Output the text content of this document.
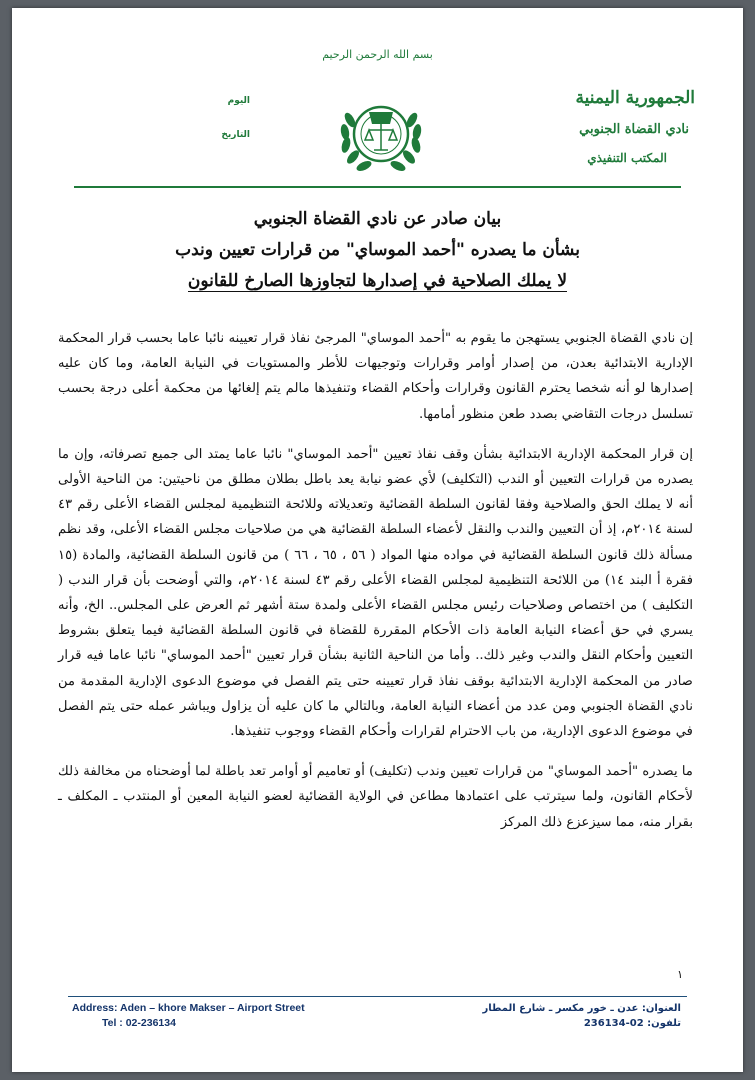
بسم الله الرحمن الرحيم
الجمهورية اليمنية
نادي القضاة الجنوبي
المكتب التنفيذي
اليوم
التاريخ
بيان صادر عن نادي القضاة الجنوبي
بشأن ما يصدره "أحمد الموساي" من قرارات تعيين وندب
لا يملك الصلاحية في إصدارها لتجاوزها الصارخ للقانون

إن نادي القضاة الجنوبي يستهجن ما يقوم به "أحمد الموساي" المرجئ نفاذ قرار تعيينه نائبا عاما بحسب قرار المحكمة الإدارية الابتدائية بعدن، من إصدار أوامر وقرارات وتوجيهات للأطر والمستويات في النيابة العامة، وما كان عليه إصدارها لو أنه شخصا يحترم القانون وقرارات وأحكام القضاء وتنفيذها مالم يتم إلغائها من محكمة أعلى درجة بحسب تسلسل درجات التقاضي بصدد طعن منظور أمامها.

إن قرار المحكمة الإدارية الابتدائية بشأن وقف نفاذ تعيين "أحمد الموساي" نائبا عاما يمتد الى جميع تصرفاته، وإن ما يصدره من قرارات التعيين أو الندب (التكليف) لأي عضو نيابة يعد باطل بطلان مطلق من ناحيتين: من الناحية الأولى أنه لا يملك الحق والصلاحية وفقا لقانون السلطة القضائية وتعديلاته وللائحة التنظيمية لمجلس القضاء الأعلى رقم ٤٣ لسنة ٢٠١٤م، إذ أن التعيين والندب والنقل لأعضاء السلطة القضائية هي من صلاحيات مجلس القضاء الأعلى، وقد نظم مسألة ذلك قانون السلطة القضائية في مواده منها المواد ( ٥٦ ، ٦٥ ، ٦٦ ) من قانون السلطة القضائية، والمادة (١٥ فقرة أ البند ١٤) من اللائحة التنظيمية لمجلس القضاء الأعلى رقم ٤٣ لسنة ٢٠١٤م، والتي أوضحت بأن قرار الندب ( التكليف ) من اختصاص وصلاحيات رئيس مجلس القضاء الأعلى ولمدة ستة أشهر ثم العرض على المجلس.. الخ، وأنه يسري في حق أعضاء النيابة العامة ذات الأحكام المقررة للقضاة في قانون السلطة القضائية فيما يتعلق بشروط التعيين وأحكام النقل والندب وغير ذلك.. وأما من الناحية الثانية بشأن قرار تعيين "أحمد الموساي" نائبا عاما فيه قرار صادر من المحكمة الإدارية الابتدائية بوقف نفاذ قرار تعيينه حتى يتم الفصل في موضوع الدعوى الإدارية المقدمة من نادي القضاة الجنوبي ومن عدد من أعضاء النيابة العامة، وبالتالي ما كان عليه أن يزاول ويباشر عمله حتى يتم الفصل في موضوع الدعوى الإدارية، من باب الاحترام لقرارات وأحكام القضاء ووجوب تنفيذها.

ما يصدره "أحمد الموساي" من قرارات تعيين وندب (تكليف) أو تعاميم أو أوامر تعد باطلة لما أوضحناه من مخالفة ذلك لأحكام القانون، ولما سيترتب على اعتمادها مطاعن في الولاية القضائية لعضو النيابة المعين أو المنتدب ـ المكلف ـ بقرار منه، مما سيزعزع ذلك المركز

١
Address: Aden – khore Makser – Airport Street
Tel : 02-236134
العنوان: عدن ـ خور مكسر ـ شارع المطار
تلفون: 02-236134
